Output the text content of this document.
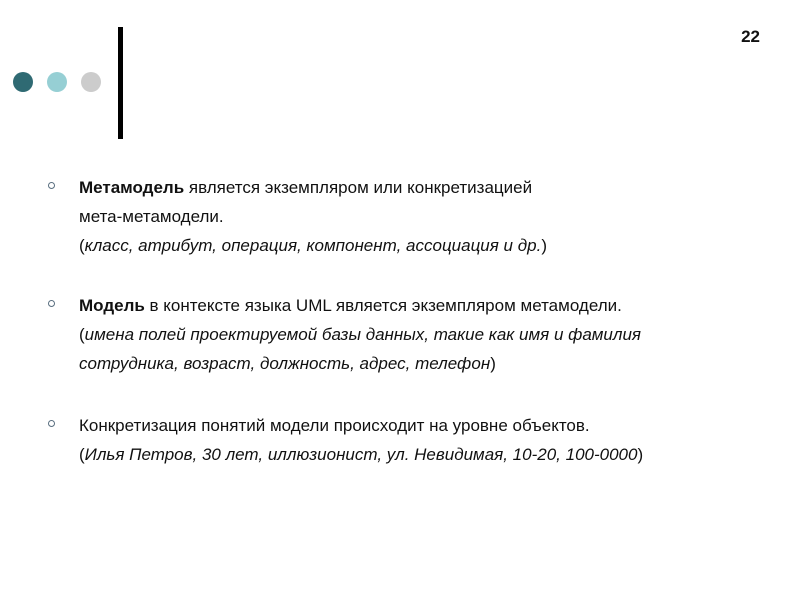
22
Метамодель является экземпляром или конкретизацией
мета-метамодели.
(класс, атрибут, операция, компонент, ассоциация и др.)
Модель в контексте языка UML является экземпляром метамодели.
(имена полей проектируемой базы данных, такие как имя и фамилия
сотрудника, возраст, должность, адрес, телефон)
Конкретизация понятий модели происходит на уровне объектов.
(Илья Петров, 30 лет, иллюзионист, ул. Невидимая, 10-20, 100-0000)
